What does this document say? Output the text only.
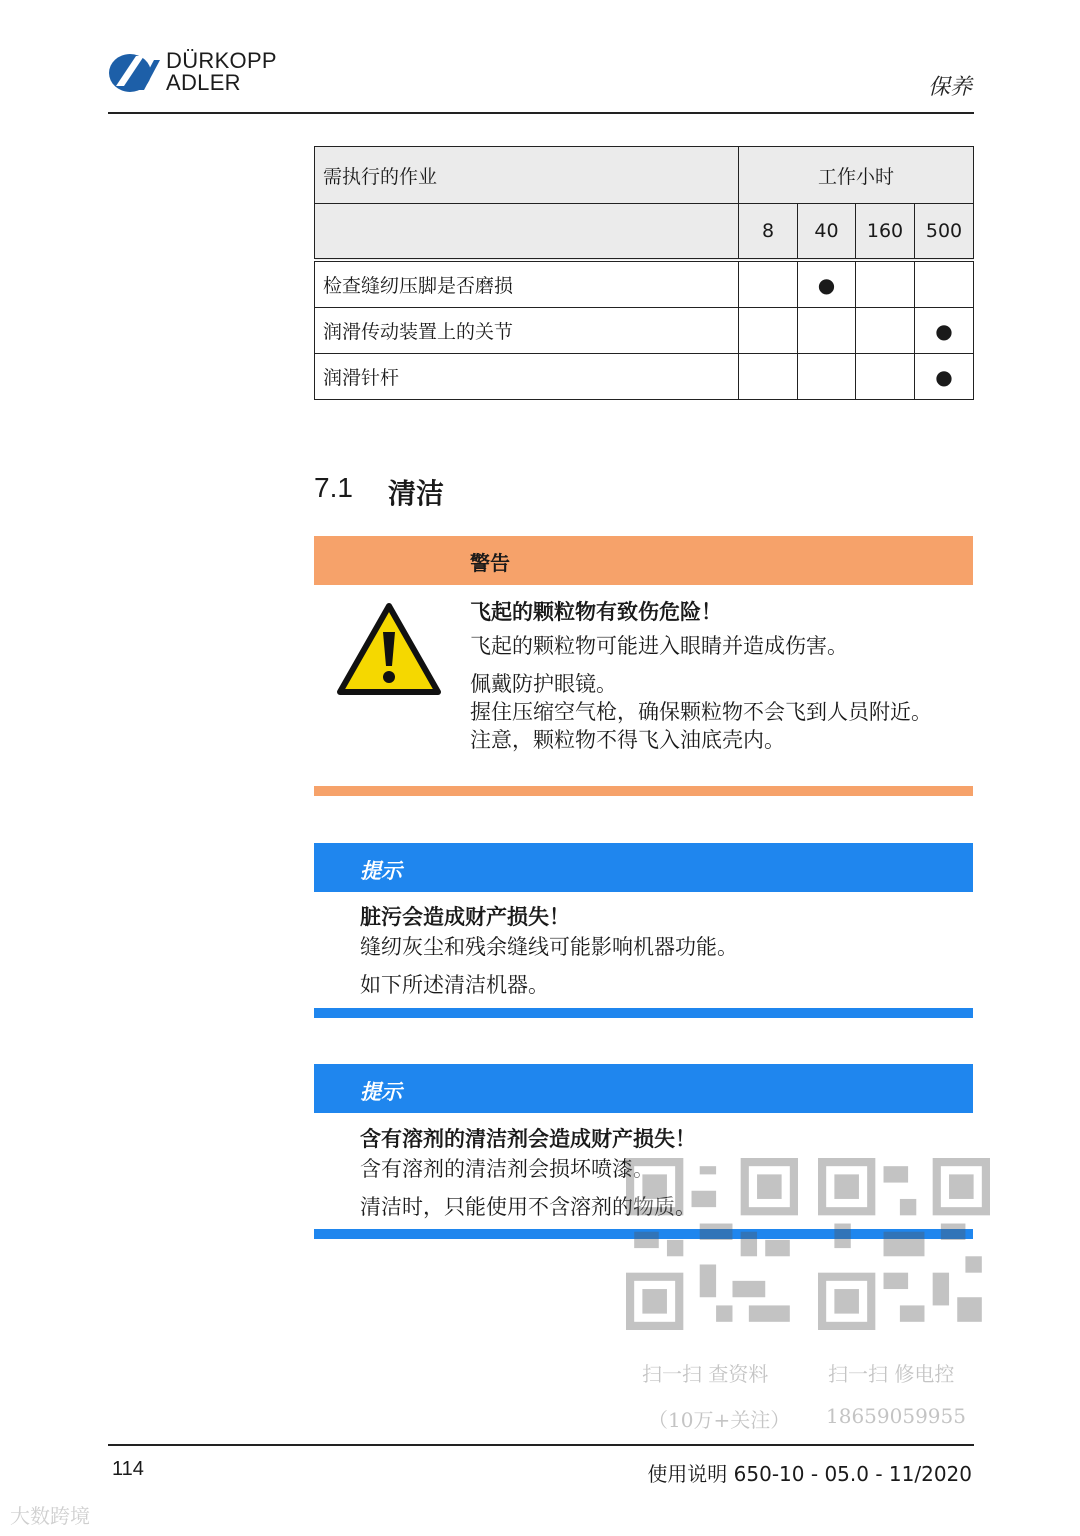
DÜRKOPP
ADLER	保养
需执行的作业	工作小时			
	8	40	160	500
检查缝纫压脚是否磨损		●		
润滑传动装置上的关节				●
润滑针杆				●
7.1 清洁
警告
飞起的颗粒物有致伤危险！
飞起的颗粒物可能进入眼睛并造成伤害。
佩戴防护眼镜。
握住压缩空气枪，确保颗粒物不会飞到人员附近。
注意，颗粒物不得飞入油底壳内。
提示
脏污会造成财产损失！
缝纫灰尘和残余缝线可能影响机器功能。
如下所述清洁机器。
提示
含有溶剂的清洁剂会造成财产损失！
含有溶剂的清洁剂会损坏喷漆。
清洁时，只能使用不含溶剂的物质。
扫一扫 查资料
（10万+关注）
扫一扫 修电控
18659059955
114	使用说明 650-10 - 05.0 - 11/2020
大数跨境
